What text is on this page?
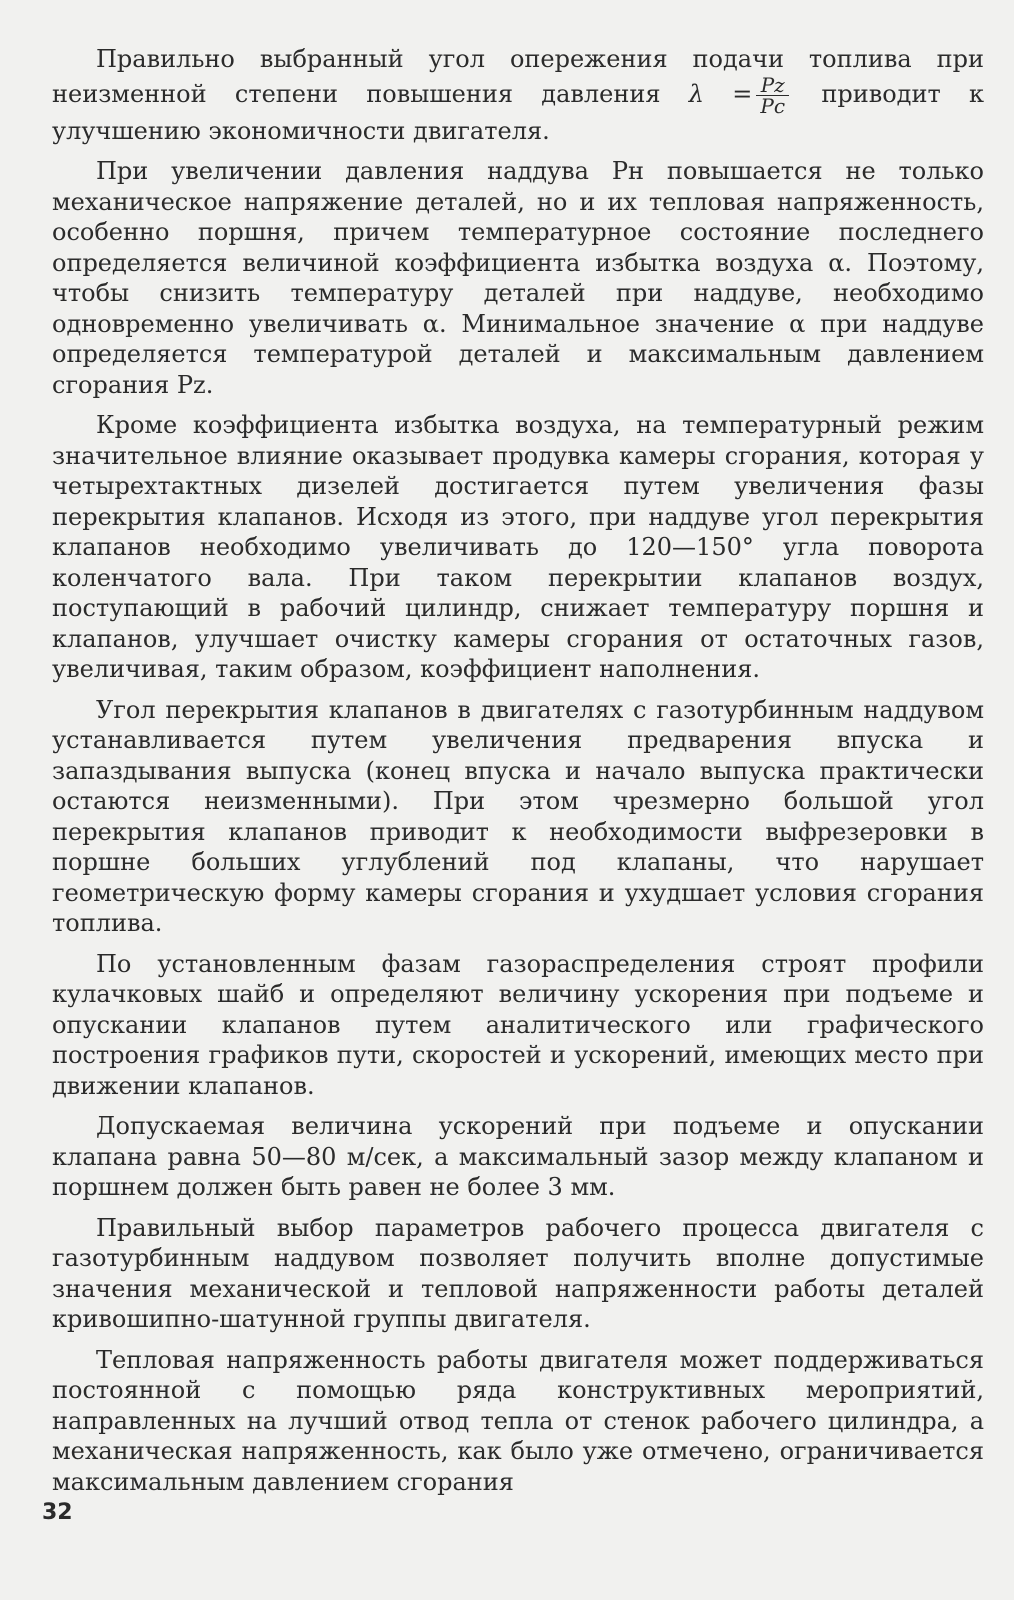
Правильно выбранный угол опережения подачи топлива при неизменной степени повышения давления $\lambda = \frac{Pz}{Pc}$ приводит к улучшению экономичности двигателя.

При увеличении давления наддува Pн повышается не только механическое напряжение деталей, но и их тепловая напряженность, особенно поршня, причем температурное состояние последнего определяется величиной коэффициента избытка воздуха α. Поэтому, чтобы снизить температуру деталей при наддуве, необходимо одновременно увеличивать α. Минимальное значение α при наддуве определяется температурой деталей и максимальным давлением сгорания Pz.

Кроме коэффициента избытка воздуха, на температурный режим значительное влияние оказывает продувка камеры сгорания, которая у четырехтактных дизелей достигается путем увеличения фазы перекрытия клапанов. Исходя из этого, при наддуве угол перекрытия клапанов необходимо увеличивать до 120—150° угла поворота коленчатого вала. При таком перекрытии клапанов воздух, поступающий в рабочий цилиндр, снижает температуру поршня и клапанов, улучшает очистку камеры сгорания от остаточных газов, увеличивая, таким образом, коэффициент наполнения.

Угол перекрытия клапанов в двигателях с газотурбинным наддувом устанавливается путем увеличения предварения впуска и запаздывания выпуска (конец впуска и начало выпуска практически остаются неизменными). При этом чрезмерно большой угол перекрытия клапанов приводит к необходимости выфрезеровки в поршне больших углублений под клапаны, что нарушает геометрическую форму камеры сгорания и ухудшает условия сгорания топлива.

По установленным фазам газораспределения строят профили кулачковых шайб и определяют величину ускорения при подъеме и опускании клапанов путем аналитического или графического построения графиков пути, скоростей и ускорений, имеющих место при движении клапанов.

Допускаемая величина ускорений при подъеме и опускании клапана равна 50—80 м/сек, а максимальный зазор между клапаном и поршнем должен быть равен не более 3 мм.

Правильный выбор параметров рабочего процесса двигателя с газотурбинным наддувом позволяет получить вполне допустимые значения механической и тепловой напряженности работы деталей кривошипно-шатунной группы двигателя.

Тепловая напряженность работы двигателя может поддерживаться постоянной с помощью ряда конструктивных мероприятий, направленных на лучший отвод тепла от стенок рабочего цилиндра, а механическая напряженность, как было уже отмечено, ограничивается максимальным давлением сгорания

32
